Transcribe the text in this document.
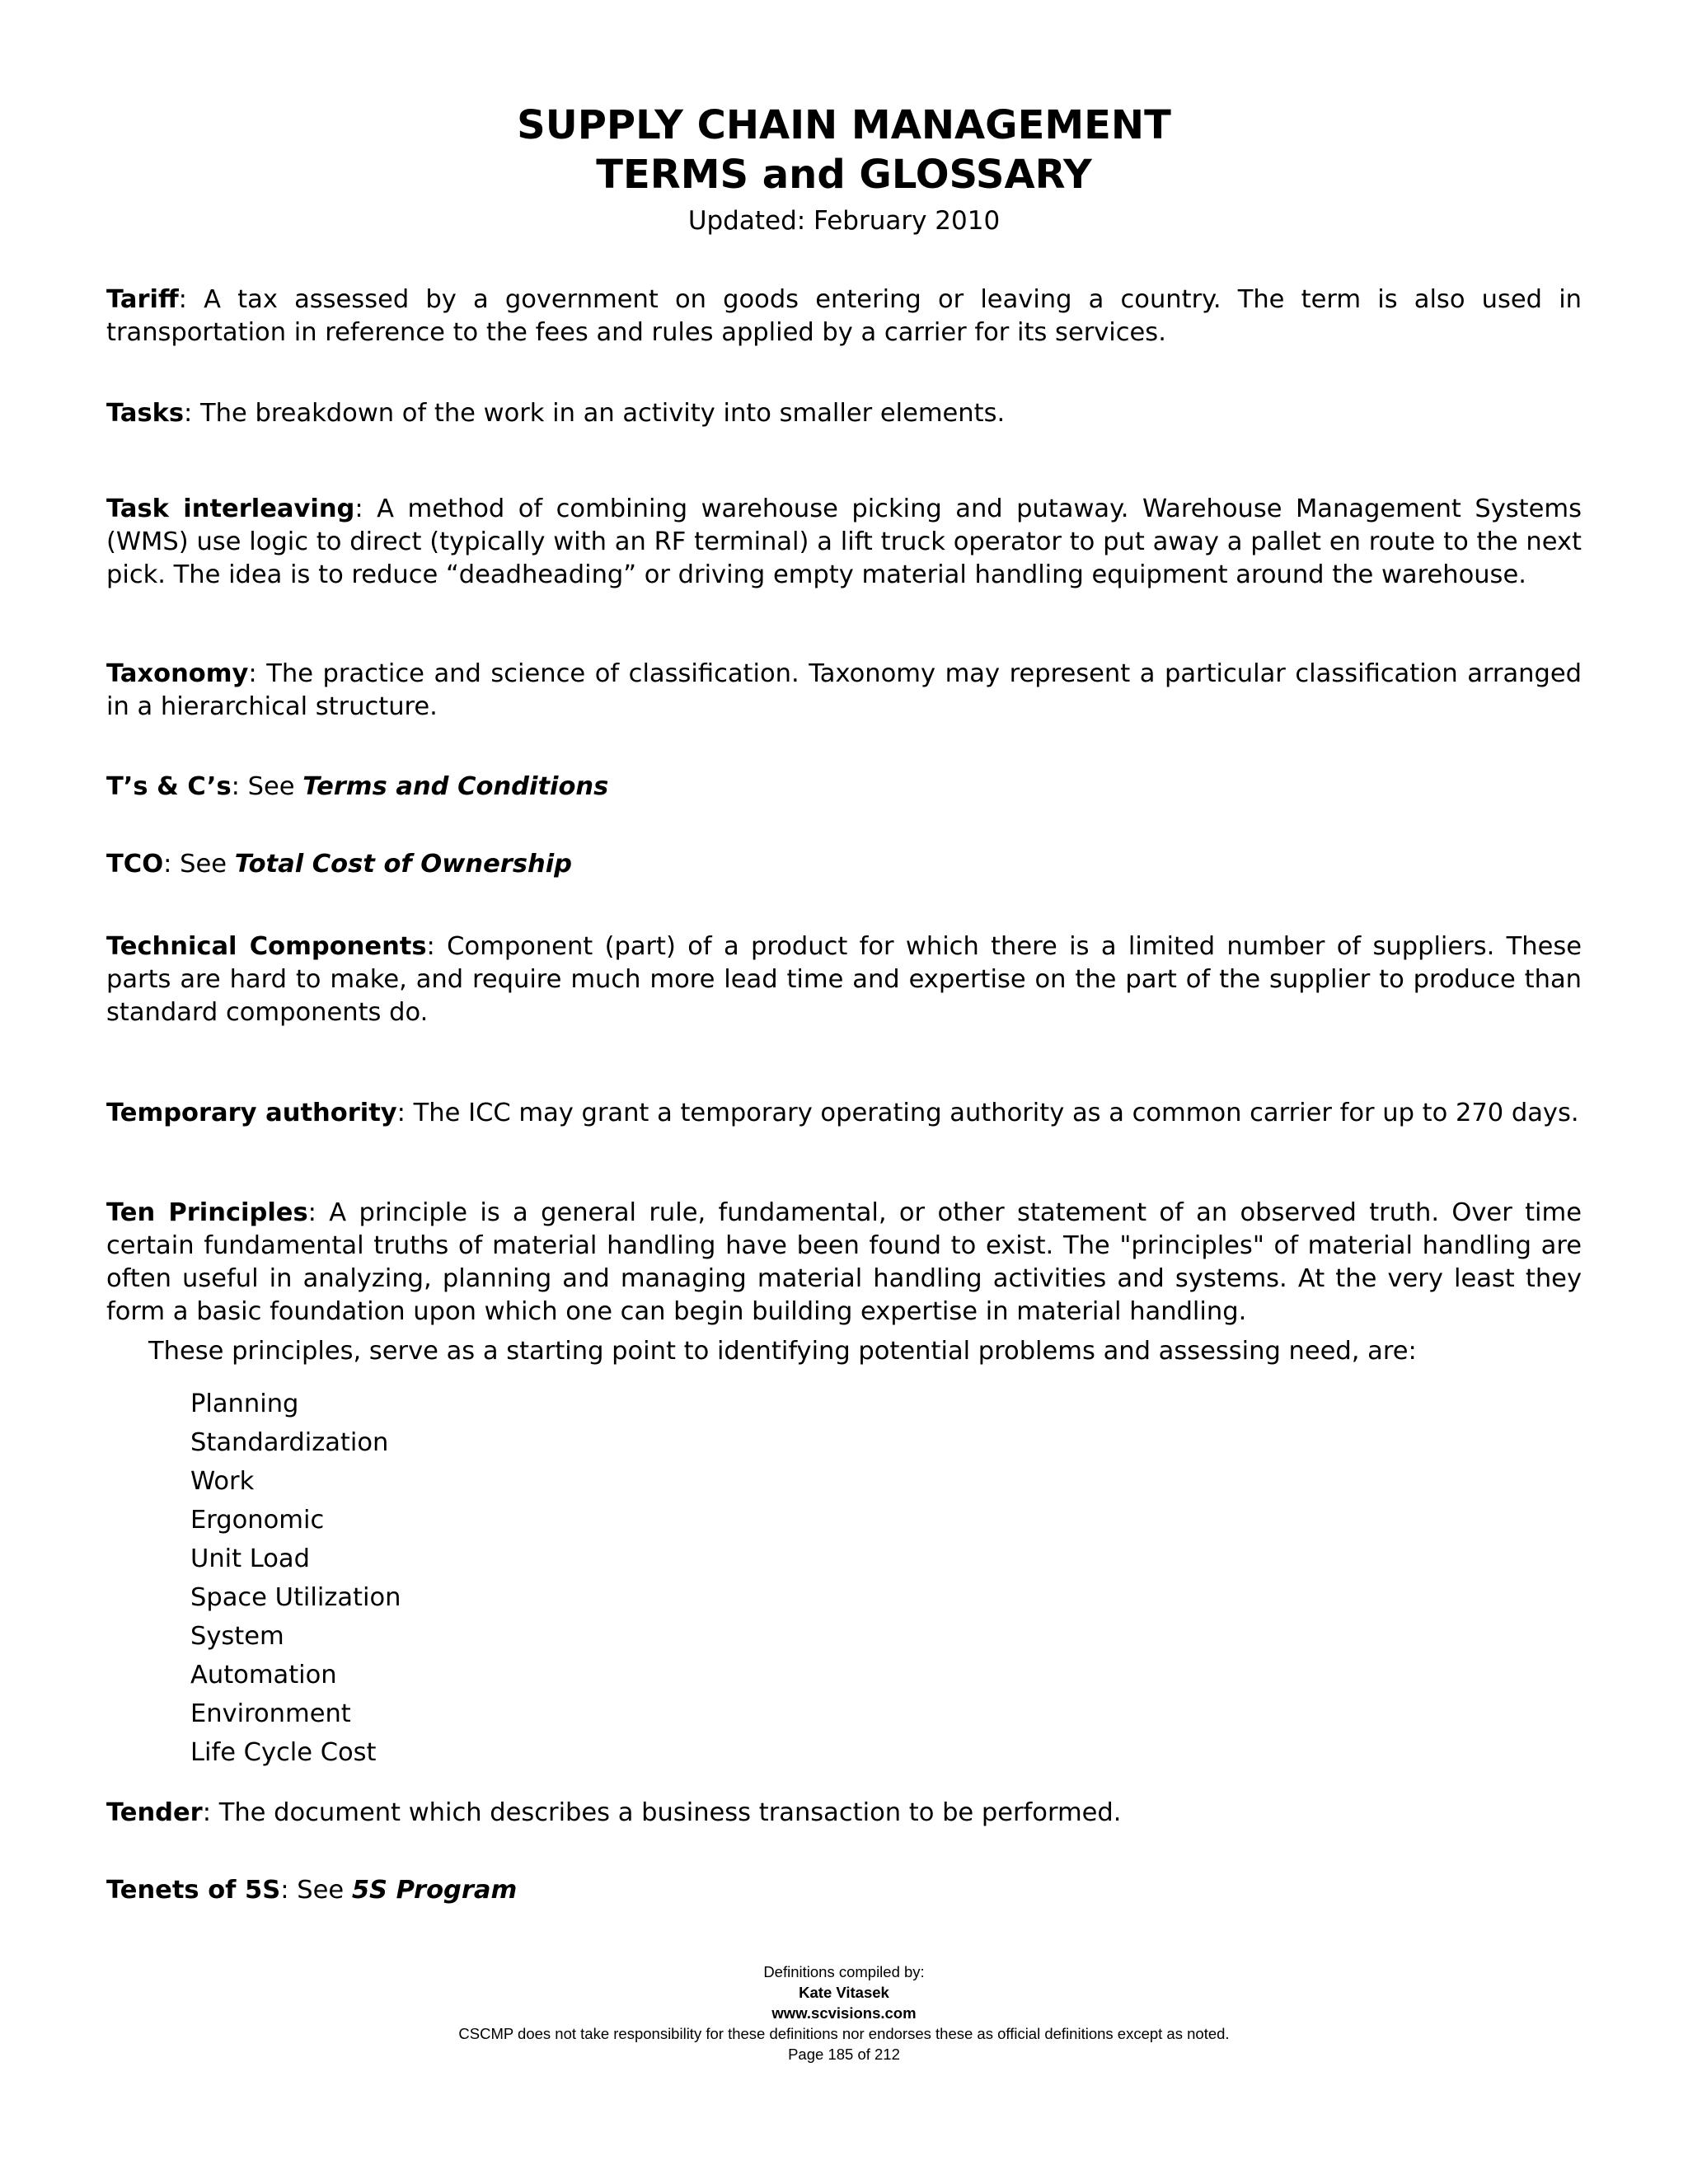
SUPPLY CHAIN MANAGEMENT
TERMS and GLOSSARY
Updated: February 2010
Tariff: A tax assessed by a government on goods entering or leaving a country. The term is also used in transportation in reference to the fees and rules applied by a carrier for its services.
Tasks: The breakdown of the work in an activity into smaller elements.
Task interleaving: A method of combining warehouse picking and putaway. Warehouse Management Systems (WMS) use logic to direct (typically with an RF terminal) a lift truck operator to put away a pallet en route to the next pick. The idea is to reduce “deadheading” or driving empty material handling equipment around the warehouse.
Taxonomy: The practice and science of classification. Taxonomy may represent a particular classification arranged in a hierarchical structure.
T’s & C’s: See Terms and Conditions
TCO: See Total Cost of Ownership
Technical Components: Component (part) of a product for which there is a limited number of suppliers. These parts are hard to make, and require much more lead time and expertise on the part of the supplier to produce than standard components do.
Temporary authority: The ICC may grant a temporary operating authority as a common carrier for up to 270 days.
Ten Principles: A principle is a general rule, fundamental, or other statement of an observed truth. Over time certain fundamental truths of material handling have been found to exist. The "principles" of material handling are often useful in analyzing, planning and managing material handling activities and systems. At the very least they form a basic foundation upon which one can begin building expertise in material handling.
These principles, serve as a starting point to identifying potential problems and assessing need, are:
Planning
Standardization
Work
Ergonomic
Unit Load
Space Utilization
System
Automation
Environment
Life Cycle Cost
Tender: The document which describes a business transaction to be performed.
Tenets of 5S: See 5S Program
Definitions compiled by:
Kate Vitasek
www.scvisions.com
CSCMP does not take responsibility for these definitions nor endorses these as official definitions except as noted.
Page 185 of 212
